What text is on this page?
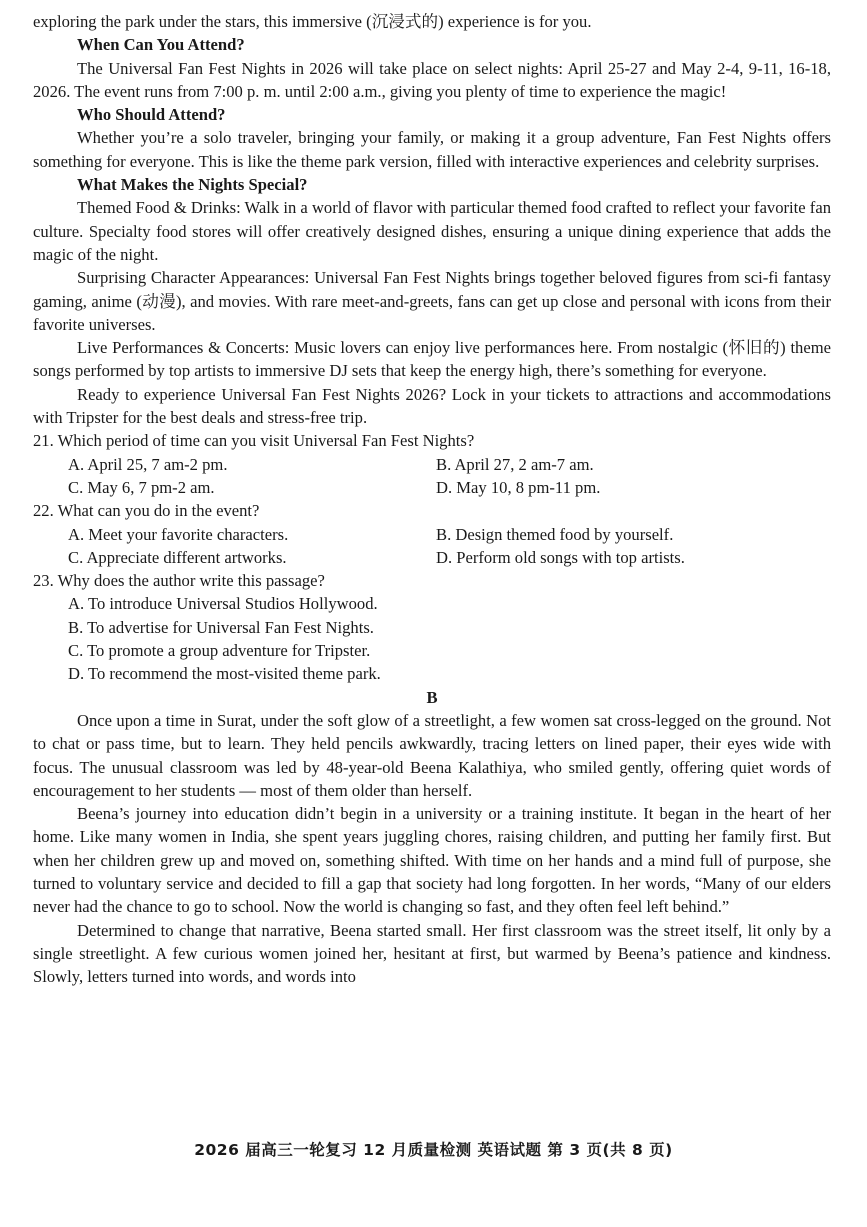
exploring the park under the stars, this immersive (沉浸式的) experience is for you.

When Can You Attend?

The Universal Fan Fest Nights in 2026 will take place on select nights: April 25-27 and May 2-4, 9-11, 16-18, 2026. The event runs from 7:00 p. m. until 2:00 a.m., giving you plenty of time to experience the magic!

Who Should Attend?

Whether you’re a solo traveler, bringing your family, or making it a group adventure, Fan Fest Nights offers something for everyone. This is like the theme park version, filled with interactive experiences and celebrity surprises.

What Makes the Nights Special?

Themed Food & Drinks: Walk in a world of flavor with particular themed food crafted to reflect your favorite fan culture. Specialty food stores will offer creatively designed dishes, ensuring a unique dining experience that adds the magic of the night.

Surprising Character Appearances: Universal Fan Fest Nights brings together beloved figures from sci-fi fantasy gaming, anime (动漫), and movies. With rare meet-and-greets, fans can get up close and personal with icons from their favorite universes.

Live Performances & Concerts: Music lovers can enjoy live performances here. From nostalgic (怀旧的) theme songs performed by top artists to immersive DJ sets that keep the energy high, there’s something for everyone.

Ready to experience Universal Fan Fest Nights 2026? Lock in your tickets to attractions and accommodations with Tripster for the best deals and stress-free trip.

21. Which period of time can you visit Universal Fan Fest Nights?

A. April 25, 7 am-2 pm.	B. April 27, 2 am-7 am.

C. May 6, 7 pm-2 am.	D. May 10, 8 pm-11 pm.

22. What can you do in the event?

A. Meet your favorite characters.	B. Design themed food by yourself.

C. Appreciate different artworks.	D. Perform old songs with top artists.

23. Why does the author write this passage?

A. To introduce Universal Studios Hollywood.

B. To advertise for Universal Fan Fest Nights.

C. To promote a group adventure for Tripster.

D. To recommend the most-visited theme park.

B

Once upon a time in Surat, under the soft glow of a streetlight, a few women sat cross-legged on the ground. Not to chat or pass time, but to learn. They held pencils awkwardly, tracing letters on lined paper, their eyes wide with focus. The unusual classroom was led by 48-year-old Beena Kalathiya, who smiled gently, offering quiet words of encouragement to her students — most of them older than herself.

Beena’s journey into education didn’t begin in a university or a training institute. It began in the heart of her home. Like many women in India, she spent years juggling chores, raising children, and putting her family first. But when her children grew up and moved on, something shifted. With time on her hands and a mind full of purpose, she turned to voluntary service and decided to fill a gap that society had long forgotten. In her words, “Many of our elders never had the chance to go to school. Now the world is changing so fast, and they often feel left behind.”

Determined to change that narrative, Beena started small. Her first classroom was the street itself, lit only by a single streetlight. A few curious women joined her, hesitant at first, but warmed by Beena’s patience and kindness. Slowly, letters turned into words, and words into

2026 届高三一轮复习 12 月质量检测 英语试题 第 3 页(共 8 页)
